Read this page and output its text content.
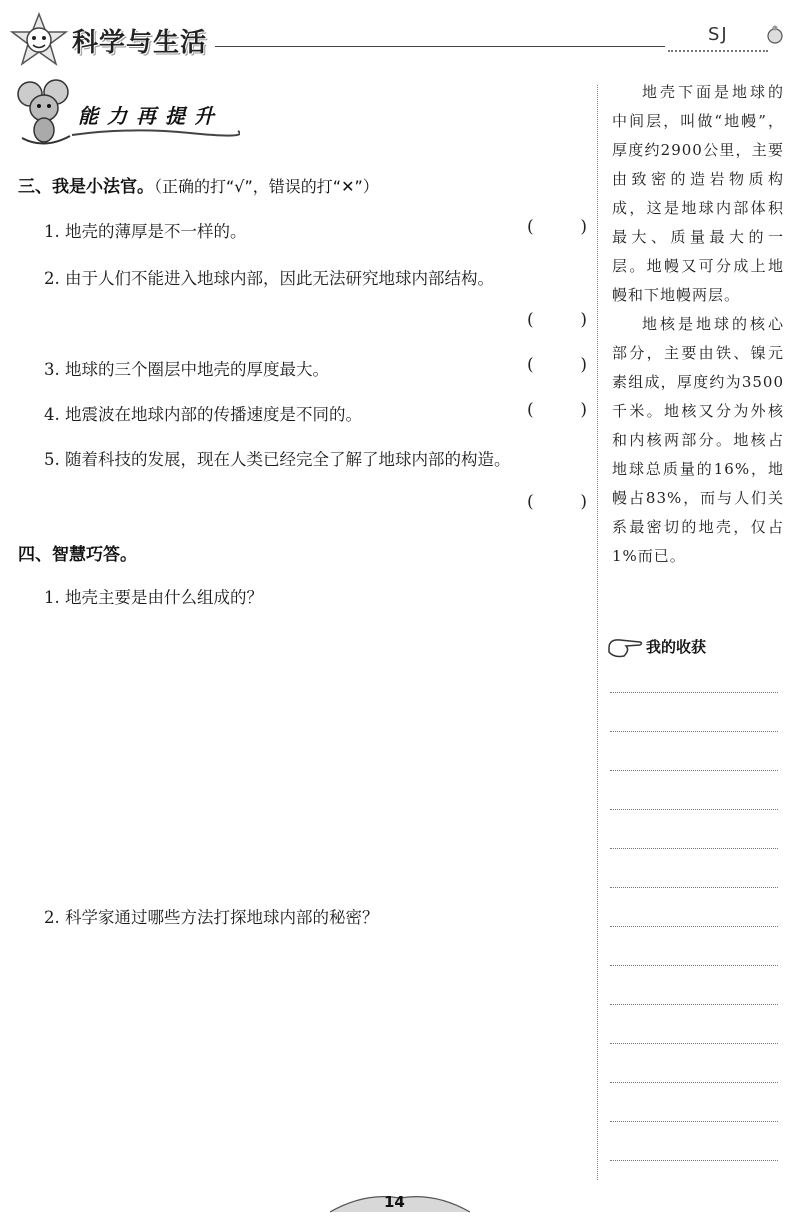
科学与生活	SJ
能力再提升
三、我是小法官。（正确的打“√”，错误的打“✕”）
1. 地壳的薄厚是不一样的。	(	)
2. 由于人们不能进入地球内部，因此无法研究地球内部结构。
(	)
3. 地球的三个圈层中地壳的厚度最大。	(	)
4. 地震波在地球内部的传播速度是不同的。	(	)
5. 随着科技的发展，现在人类已经完全了解了地球内部的构造。
(	)
四、智慧巧答。
1. 地壳主要是由什么组成的？
2. 科学家通过哪些方法打探地球内部的秘密？
地壳下面是地球的中间层，叫做“地幔”，厚度约2900公里，主要由致密的造岩物质构成，这是地球内部体积最大、质量最大的一层。地幔又可分成上地幔和下地幔两层。
地核是地球的核心部分，主要由铁、镍元素组成，厚度约为3500千米。地核又分为外核和内核两部分。地核占地球总质量的16%，地幔占83%，而与人们关系最密切的地壳，仅占1%而已。
我的收获
14
